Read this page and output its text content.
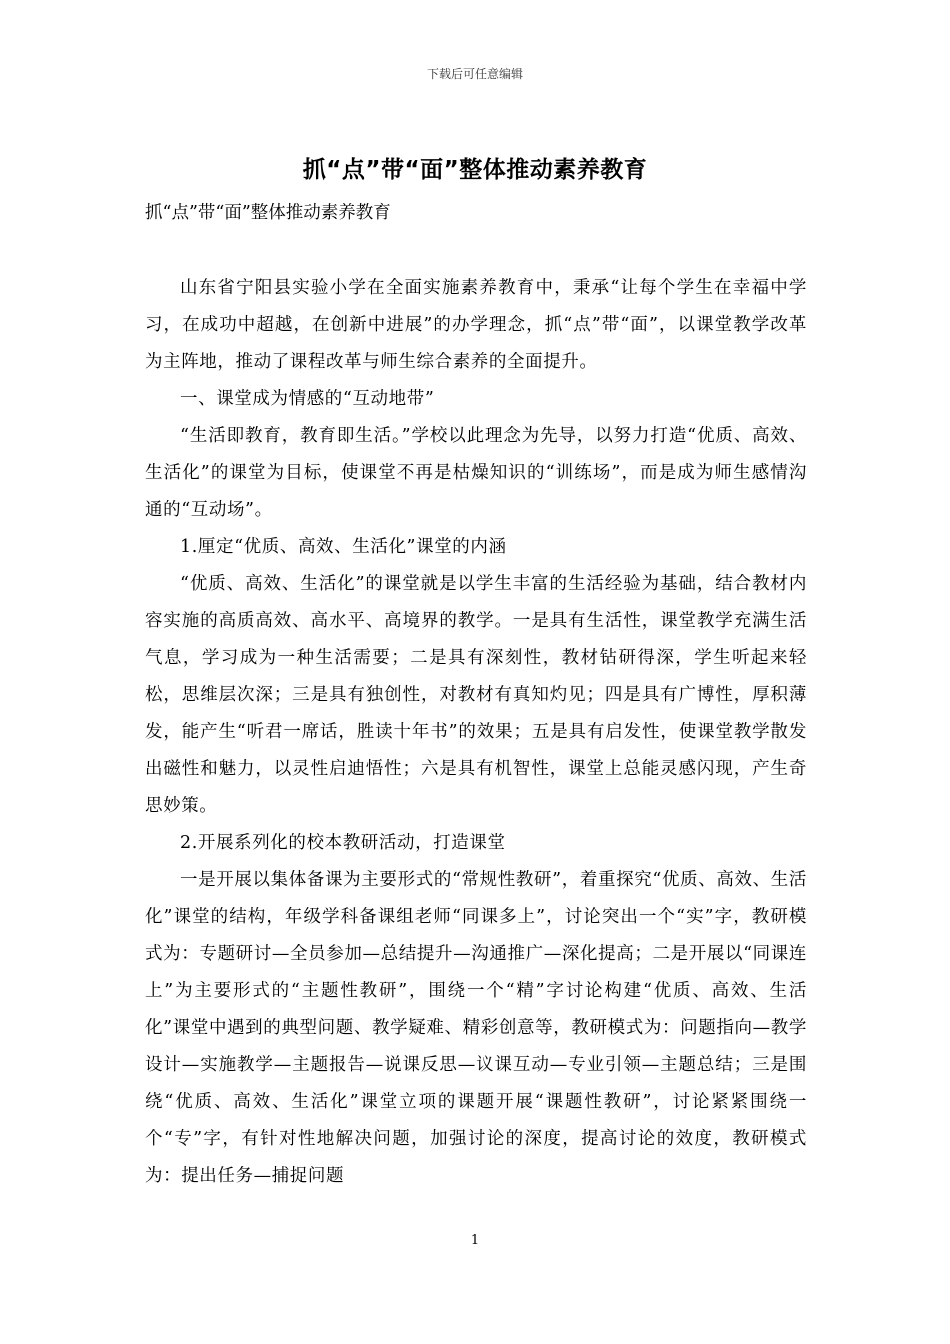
下载后可任意编辑
抓“点”带“面”整体推动素养教育
抓“点”带“面”整体推动素养教育

山东省宁阳县实验小学在全面实施素养教育中，秉承“让每个学生在幸福中学习，在成功中超越，在创新中进展”的办学理念，抓“点”带“面”，以课堂教学改革为主阵地，推动了课程改革与师生综合素养的全面提升。

一、课堂成为情感的“互动地带”

“生活即教育，教育即生活。”学校以此理念为先导，以努力打造“优质、高效、生活化”的课堂为目标，使课堂不再是枯燥知识的“训练场”，而是成为师生感情沟通的“互动场”。

1.厘定“优质、高效、生活化”课堂的内涵

“优质、高效、生活化”的课堂就是以学生丰富的生活经验为基础，结合教材内容实施的高质高效、高水平、高境界的教学。一是具有生活性，课堂教学充满生活气息，学习成为一种生活需要；二是具有深刻性，教材钻研得深，学生听起来轻松，思维层次深；三是具有独创性，对教材有真知灼见；四是具有广博性，厚积薄发，能产生“听君一席话，胜读十年书”的效果；五是具有启发性，使课堂教学散发出磁性和魅力，以灵性启迪悟性；六是具有机智性，课堂上总能灵感闪现，产生奇思妙策。

2.开展系列化的校本教研活动，打造课堂

一是开展以集体备课为主要形式的“常规性教研”，着重探究“优质、高效、生活化”课堂的结构，年级学科备课组老师“同课多上”，讨论突出一个“实”字，教研模式为：专题研讨—全员参加—总结提升—沟通推广—深化提高；二是开展以“同课连上”为主要形式的“主题性教研”，围绕一个“精”字讨论构建“优质、高效、生活化”课堂中遇到的典型问题、教学疑难、精彩创意等，教研模式为：问题指向—教学设计—实施教学—主题报告—说课反思—议课互动—专业引领—主题总结；三是围绕“优质、高效、生活化”课堂立项的课题开展“课题性教研”，讨论紧紧围绕一个“专”字，有针对性地解决问题，加强讨论的深度，提高讨论的效度，教研模式为：提出任务—捕捉问题

1
